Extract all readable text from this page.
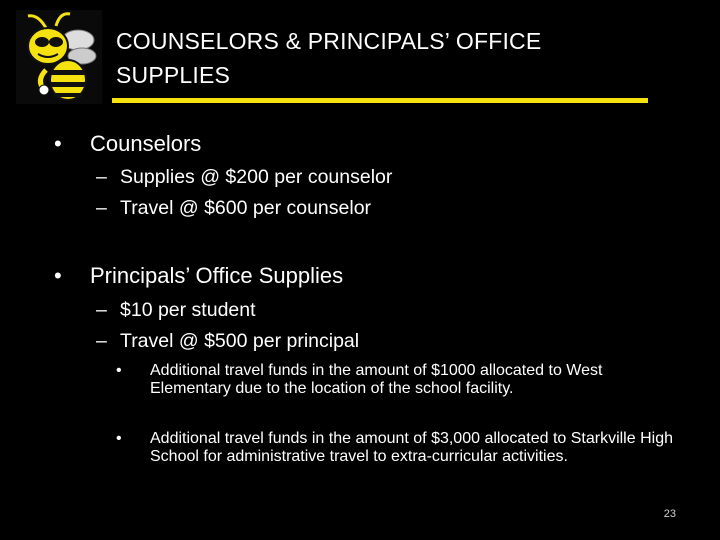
COUNSELORS & PRINCIPALS’ OFFICE
SUPPLIES
•	Counselors
– Supplies @ $200 per counselor
– Travel @ $600 per counselor
•	Principals’ Office Supplies
– $10 per student
– Travel @ $500 per principal
•	Additional travel funds in the amount of $1000 allocated to West Elementary due to the location of the school facility.
•	Additional travel funds in the amount of $3,000 allocated to Starkville High School for administrative travel to extra-curricular activities.
23
